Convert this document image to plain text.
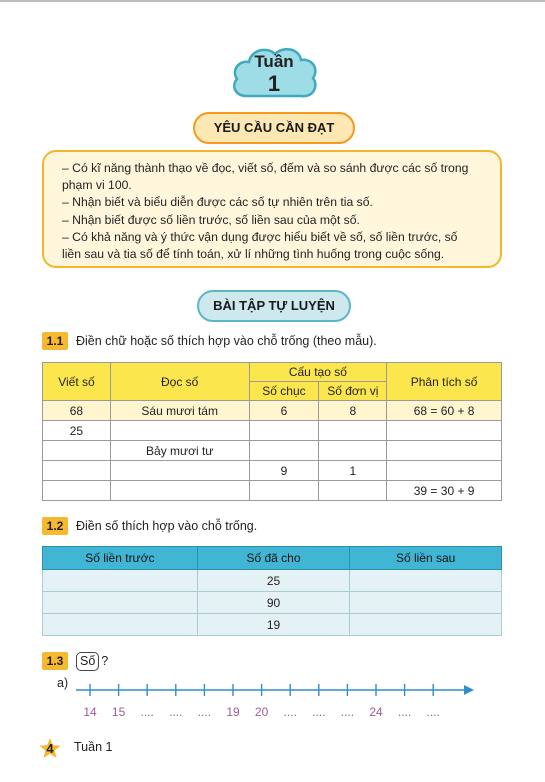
Tuần
1
YÊU CẦU CẦN ĐẠT
– Có kĩ năng thành thạo về đọc, viết số, đếm và so sánh được các số trong
phạm vi 100.
– Nhận biết và biểu diễn được các số tự nhiên trên tia số.
– Nhận biết được số liền trước, số liền sau của một số.
– Có khả năng và ý thức vận dụng được hiểu biết về số, số liền trước, số
liền sau và tia số để tính toán, xử lí những tình huống trong cuộc sống.
BÀI TẬP TỰ LUYỆN
1.1	Điền chữ hoặc số thích hợp vào chỗ trống (theo mẫu).
Viết số	Đọc số	Cấu tạo số		Phân tích số
		Số chục	Số đơn vị	
68	Sáu mươi tám	6	8	68 = 60 + 8
25				
	Bảy mươi tư			
		9	1	
				39 = 30 + 9
1.2	Điền số thích hợp vào chỗ trống.
Số liền trước	Số đã cho	Số liền sau
	25	
	90	
	19	
1.3	Số ?
a)
14 15 .... .... .... 19 20 .... .... .... 24 .... ....
4	Tuần 1
